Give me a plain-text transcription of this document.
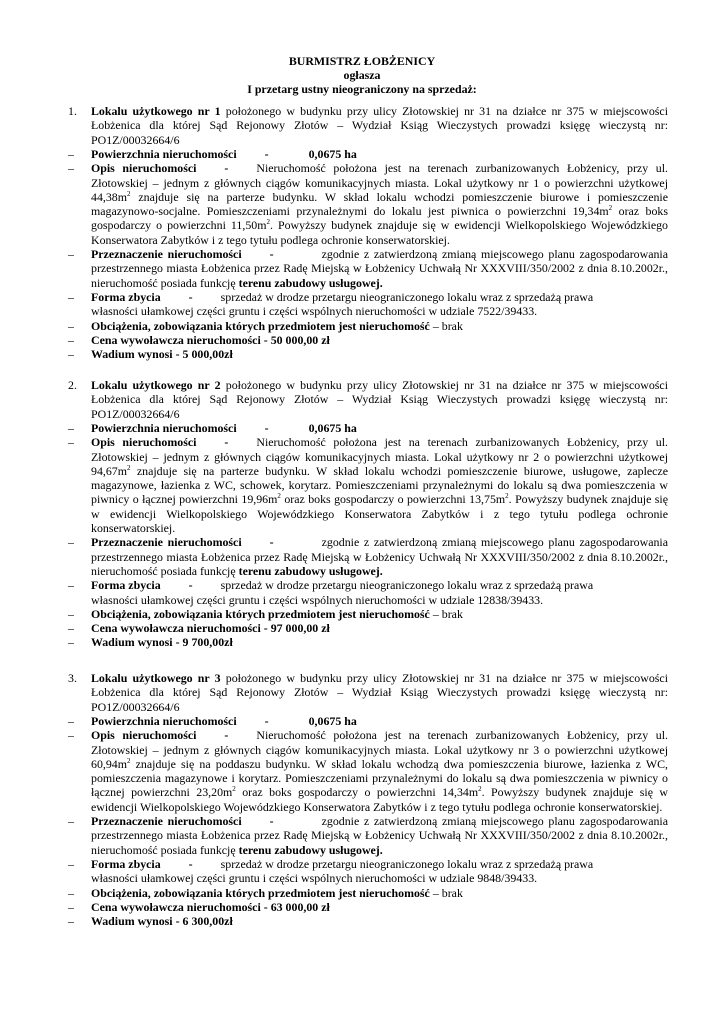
BURMISTRZ ŁOBŻENICY
ogłasza
I przetarg ustny nieograniczony na sprzedaż:
1. Lokalu użytkowego nr 1 położonego w budynku przy ulicy Złotowskiej nr 31 na działce nr 375 w miejscowości Łobżenica dla której Sąd Rejonowy Złotów – Wydział Ksiąg Wieczystych prowadzi księgę wieczystą nr: PO1Z/00032664/6
–	Powierzchnia nieruchomości -	0,0675 ha
–	Opis nieruchomości - Nieruchomość położona jest na terenach zurbanizowanych Łobżenicy, przy ul. Złotowskiej – jednym z głównych ciągów komunikacyjnych miasta. Lokal użytkowy nr 1 o powierzchni użytkowej $44,38m^2$ znajduje się na parterze budynku. W skład lokalu wchodzi pomieszczenie biurowe i pomieszczenie magazynowo-socjalne. Pomieszczeniami przynależnymi do lokalu jest piwnica o powierzchni $19,34m^2$ oraz boks gospodarczy o powierzchni $11,50m^2$. Powyższy budynek znajduje się w ewidencji Wielkopolskiego Wojewódzkiego Konserwatora Zabytków i z tego tytułu podlega ochronie konserwatorskiej.
–	Przeznaczenie nieruchomości -	zgodnie z zatwierdzoną zmianą miejscowego planu zagospodarowania przestrzennego miasta Łobżenica przez Radę Miejską w Łobżenicy Uchwałą Nr XXXVIII/350/2002 z dnia 8.10.2002r., nieruchomość posiada funkcję terenu zabudowy usługowej.
–	Forma zbycia - sprzedaż w drodze przetargu nieograniczonego lokalu wraz z sprzedażą prawa
własności ułamkowej części gruntu i części wspólnych nieruchomości w udziale 7522/39433.
–	Obciążenia, zobowiązania których przedmiotem jest nieruchomość – brak
–	Cena wywoławcza nieruchomości - 50 000,00 zł
–	Wadium wynosi - 5 000,00zł
2. Lokalu użytkowego nr 2 położonego w budynku przy ulicy Złotowskiej nr 31 na działce nr 375 w miejscowości Łobżenica dla której Sąd Rejonowy Złotów – Wydział Ksiąg Wieczystych prowadzi księgę wieczystą nr: PO1Z/00032664/6
–	Powierzchnia nieruchomości -	0,0675 ha
–	Opis nieruchomości - Nieruchomość położona jest na terenach zurbanizowanych Łobżenicy, przy ul. Złotowskiej – jednym z głównych ciągów komunikacyjnych miasta. Lokal użytkowy nr 2 o powierzchni użytkowej $94,67m^2$ znajduje się na parterze budynku. W skład lokalu wchodzi pomieszczenie biurowe, usługowe, zaplecze magazynowe, łazienka z WC, schowek, korytarz. Pomieszczeniami przynależnymi do lokalu są dwa pomieszczenia w piwnicy o łącznej powierzchni $19,96m^2$ oraz boks gospodarczy o powierzchni $13,75m^2$. Powyższy budynek znajduje się w ewidencji Wielkopolskiego Wojewódzkiego Konserwatora Zabytków i z tego tytułu podlega ochronie konserwatorskiej.
–	Przeznaczenie nieruchomości -	zgodnie z zatwierdzoną zmianą miejscowego planu zagospodarowania przestrzennego miasta Łobżenica przez Radę Miejską w Łobżenicy Uchwałą Nr XXXVIII/350/2002 z dnia 8.10.2002r., nieruchomość posiada funkcję terenu zabudowy usługowej.
–	Forma zbycia - sprzedaż w drodze przetargu nieograniczonego lokalu wraz z sprzedażą prawa
własności ułamkowej części gruntu i części wspólnych nieruchomości w udziale 12838/39433.
–	Obciążenia, zobowiązania których przedmiotem jest nieruchomość – brak
–	Cena wywoławcza nieruchomości - 97 000,00 zł
–	Wadium wynosi - 9 700,00zł
3. Lokalu użytkowego nr 3 położonego w budynku przy ulicy Złotowskiej nr 31 na działce nr 375 w miejscowości Łobżenica dla której Sąd Rejonowy Złotów – Wydział Ksiąg Wieczystych prowadzi księgę wieczystą nr: PO1Z/00032664/6
–	Powierzchnia nieruchomości -	0,0675 ha
–	Opis nieruchomości - Nieruchomość położona jest na terenach zurbanizowanych Łobżenicy, przy ul. Złotowskiej – jednym z głównych ciągów komunikacyjnych miasta. Lokal użytkowy nr 3 o powierzchni użytkowej $60,94m^2$ znajduje się na poddaszu budynku. W skład lokalu wchodzą dwa pomieszczenia biurowe, łazienka z WC, pomieszczenia magazynowe i korytarz. Pomieszczeniami przynależnymi do lokalu są dwa pomieszczenia w piwnicy o łącznej powierzchni $23,20m^2$ oraz boks gospodarczy o powierzchni $14,34m^2$. Powyższy budynek znajduje się w ewidencji Wielkopolskiego Wojewódzkiego Konserwatora Zabytków i z tego tytułu podlega ochronie konserwatorskiej.
–	Przeznaczenie nieruchomości -	zgodnie z zatwierdzoną zmianą miejscowego planu zagospodarowania przestrzennego miasta Łobżenica przez Radę Miejską w Łobżenicy Uchwałą Nr XXXVIII/350/2002 z dnia 8.10.2002r., nieruchomość posiada funkcję terenu zabudowy usługowej.
–	Forma zbycia - sprzedaż w drodze przetargu nieograniczonego lokalu wraz z sprzedażą prawa
własności ułamkowej części gruntu i części wspólnych nieruchomości w udziale 9848/39433.
–	Obciążenia, zobowiązania których przedmiotem jest nieruchomość – brak
–	Cena wywoławcza nieruchomości - 63 000,00 zł
–	Wadium wynosi - 6 300,00zł
